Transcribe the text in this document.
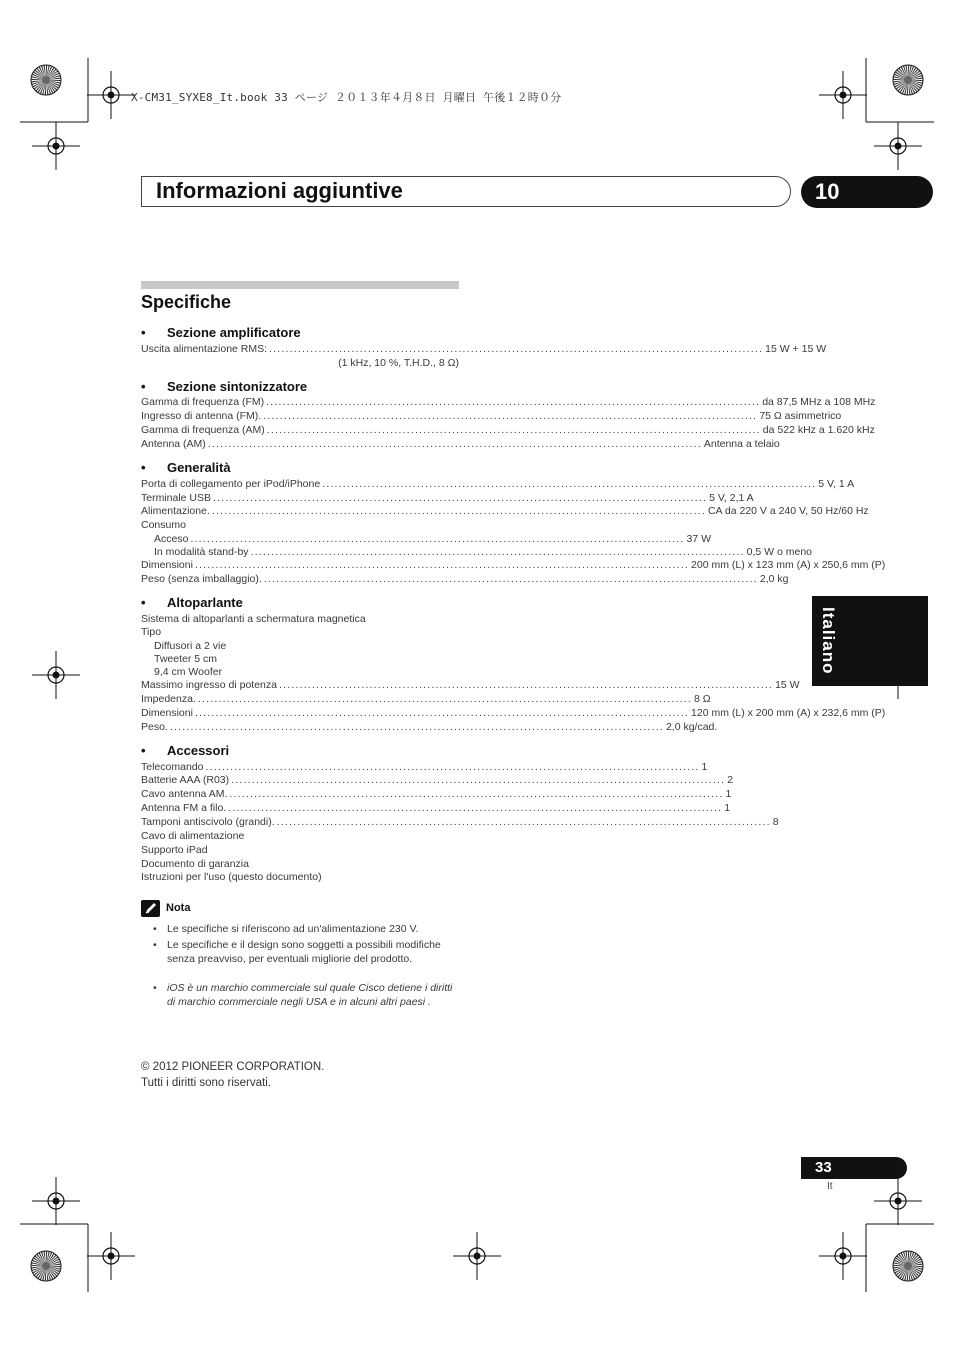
X-CM31_SYXE8_It.book 33 ページ ２０１３年４月８日 月曜日 午後１２時０分
Informazioni aggiuntive	10
Italiano
Specifiche
• Sezione amplificatore
Uscita alimentazione RMS: ........................................................................................................................ 15 W + 15 W
(1 kHz, 10 %, T.H.D., 8 Ω)
• Sezione sintonizzatore
Gamma di frequenza (FM) ........................................................................................................................ da 87,5 MHz a 108 MHz
Ingresso di antenna (FM). ........................................................................................................................ 75 Ω asimmetrico
Gamma di frequenza (AM) ........................................................................................................................ da 522 kHz a 1.620 kHz
Antenna (AM) ........................................................................................................................ Antenna a telaio
• Generalità
Porta di collegamento per iPod/iPhone ........................................................................................................................ 5 V, 1 A
Terminale USB ........................................................................................................................ 5 V, 2,1 A
Alimentazione. ........................................................................................................................ CA da 220 V a 240 V, 50 Hz/60 Hz
Consumo
Acceso ........................................................................................................................ 37 W
In modalità stand-by ........................................................................................................................ 0,5 W o meno
Dimensioni ........................................................................................................................ 200 mm (L) x 123 mm (A) x 250,6 mm (P)
Peso (senza imballaggio). ........................................................................................................................ 2,0 kg
• Altoparlante
Sistema di altoparlanti a schermatura magnetica
Tipo
Diffusori a 2 vie
Tweeter 5 cm
9,4 cm Woofer
Massimo ingresso di potenza ........................................................................................................................ 15 W
Impedenza. ........................................................................................................................ 8 Ω
Dimensioni ........................................................................................................................ 120 mm (L) x 200 mm (A) x 232,6 mm (P)
Peso. ........................................................................................................................ 2,0 kg/cad.
• Accessori
Telecomando ........................................................................................................................ 1
Batterie AAA (R03) ........................................................................................................................ 2
Cavo antenna AM. ........................................................................................................................ 1
Antenna FM a filo. ........................................................................................................................ 1
Tamponi antiscivolo (grandi). ........................................................................................................................ 8
Cavo di alimentazione
Supporto iPad
Documento di garanzia
Istruzioni per l'uso (questo documento)
Nota
• Le specifiche si riferiscono ad un'alimentazione 230 V.
• Le specifiche e il design sono soggetti a possibili modifiche senza preavviso, per eventuali migliorie del prodotto.
• iOS è un marchio commerciale sul quale Cisco detiene i diritti di marchio commerciale negli USA e in alcuni altri paesi .
© 2012 PIONEER CORPORATION.
Tutti i diritti sono riservati.
33
It
